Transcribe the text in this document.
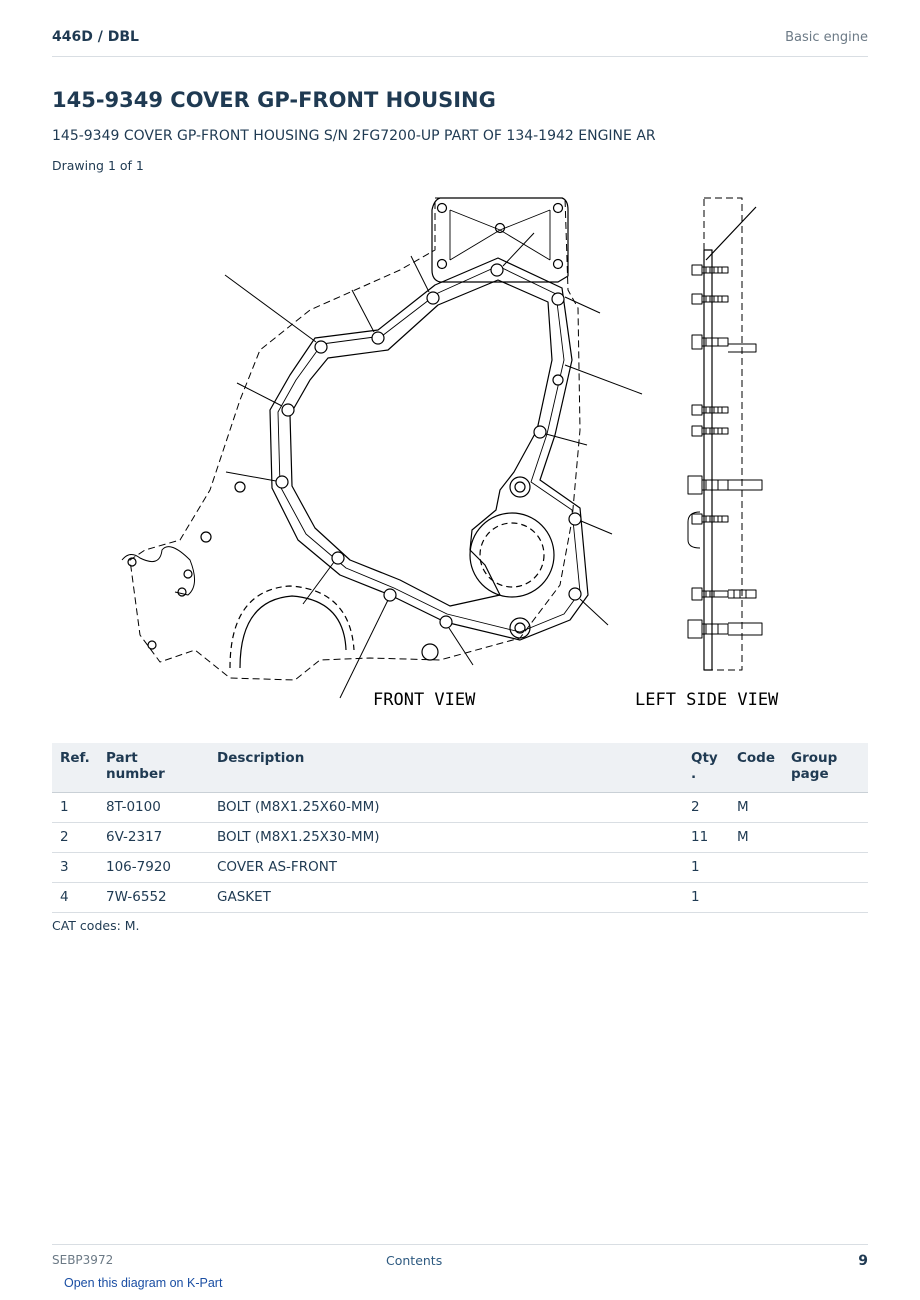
446D / DBL	Basic engine
145-9349 COVER GP-FRONT HOUSING
145-9349 COVER GP-FRONT HOUSING S/N 2FG7200-UP PART OF 134-1942 ENGINE AR
Drawing 1 of 1
FRONT VIEW	LEFT SIDE VIEW
Ref.	Part number	Description	Qty .	Code	Group page
1	8T-0100	BOLT (M8X1.25X60-MM)	2	M	
2	6V-2317	BOLT (M8X1.25X30-MM)	11	M	
3	106-7920	COVER AS-FRONT	1		
4	7W-6552	GASKET	1		
CAT codes: M.
SEBP3972	Contents	9
Open this diagram on K-Part
